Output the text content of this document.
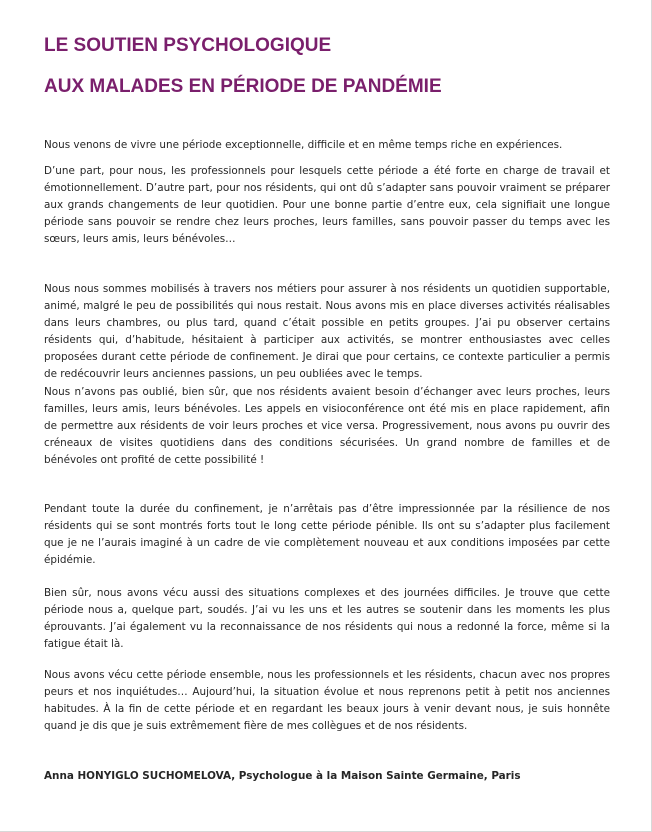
LE SOUTIEN PSYCHOLOGIQUE
AUX MALADES EN PÉRIODE DE PANDÉMIE

Nous venons de vivre une période exceptionnelle, difficile et en même temps riche en expériences.

D’une part, pour nous, les professionnels pour lesquels cette période a été forte en charge de travail et émotionnellement. D’autre part, pour nos résidents, qui ont dû s’adapter sans pouvoir vraiment se préparer aux grands changements de leur quotidien. Pour une bonne partie d’entre eux, cela signifiait une longue période sans pouvoir se rendre chez leurs proches, leurs familles, sans pouvoir passer du temps avec les sœurs, leurs amis, leurs bénévoles…

Nous nous sommes mobilisés à travers nos métiers pour assurer à nos résidents un quotidien supportable, animé, malgré le peu de possibilités qui nous restait. Nous avons mis en place diverses activités réalisables dans leurs chambres, ou plus tard, quand c’était possible en petits groupes. J’ai pu observer certains résidents qui, d’habitude, hésitaient à participer aux activités, se montrer enthousiastes avec celles proposées durant cette période de confinement. Je dirai que pour certains, ce contexte particulier a permis de redécouvrir leurs anciennes passions, un peu oubliées avec le temps.

Nous n’avons pas oublié, bien sûr, que nos résidents avaient besoin d’échanger avec leurs proches, leurs familles, leurs amis, leurs bénévoles. Les appels en visioconférence ont été mis en place rapidement, afin de permettre aux résidents de voir leurs proches et vice versa. Progressivement, nous avons pu ouvrir des créneaux de visites quotidiens dans des conditions sécurisées. Un grand nombre de familles et de bénévoles ont profité de cette possibilité !

Pendant toute la durée du confinement, je n’arrêtais pas d’être impressionnée par la résilience de nos résidents qui se sont montrés forts tout le long cette période pénible. Ils ont su s’adapter plus facilement que je ne l’aurais imaginé à un cadre de vie complètement nouveau et aux conditions imposées par cette épidémie.

Bien sûr, nous avons vécu aussi des situations complexes et des journées difficiles. Je trouve que cette période nous a, quelque part, soudés. J’ai vu les uns et les autres se soutenir dans les moments les plus éprouvants. J’ai également vu la reconnaissance de nos résidents qui nous a redonné la force, même si la fatigue était là.

Nous avons vécu cette période ensemble, nous les professionnels et les résidents, chacun avec nos propres peurs et nos inquiétudes… Aujourd’hui, la situation évolue et nous reprenons petit à petit nos anciennes habitudes. À la fin de cette période et en regardant les beaux jours à venir devant nous, je suis honnête quand je dis que je suis extrêmement fière de mes collègues et de nos résidents.

Anna HONYIGLO SUCHOMELOVA, Psychologue à la Maison Sainte Germaine, Paris
